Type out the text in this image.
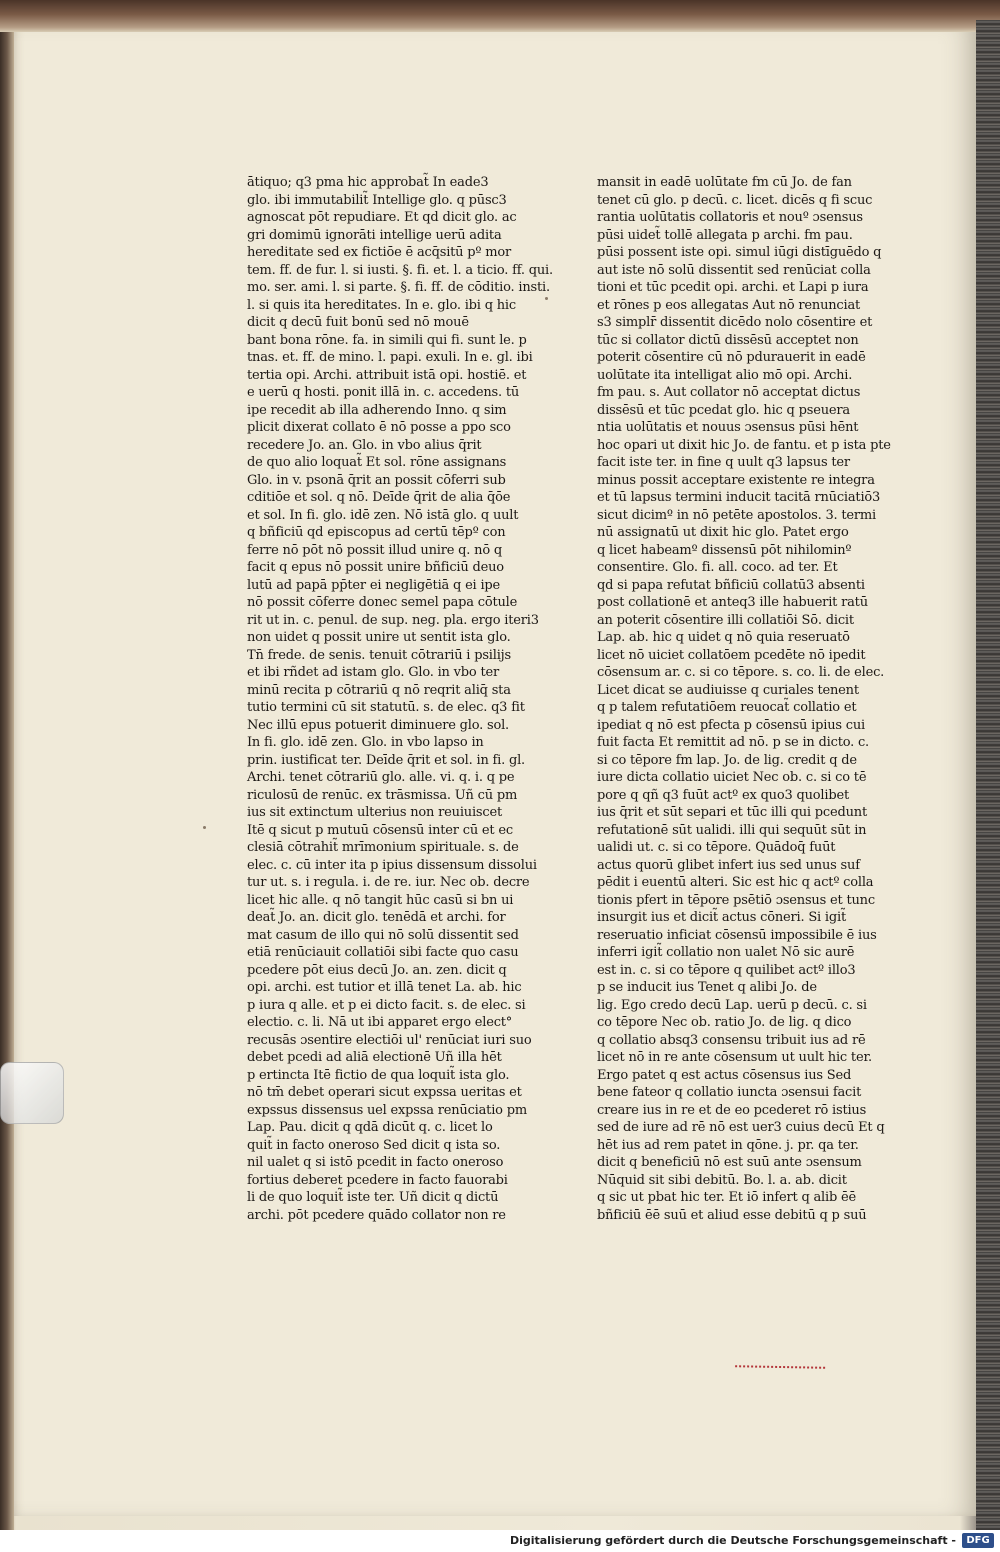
ātiquo; q3 pma hic approbat̃ In eade3
glo. ibi immutabilit̃ Intellige glo. q pūsc3
agnoscat pōt repudiare. Et qd dicit glo. ac
gri domimū ignorāti intellige uerū adita
hereditate sed ex fictiōe ē acq̄sitū pº mor
tem. ff. de fur. l. si iusti. §. fi. et. l. a ticio. ff. qui.
mo. ser. ami. l. si parte. §. fi. ff. de cōditio. insti.
l. si quis ita hereditates. In e. glo. ibi q hic
dicit q decū fuit bonū sed nō mouē
bant bona rōne. fa. in simili qui fi. sunt le. p
tnas. et. ff. de mino. l. papi. exuli. In e. gl. ibi
tertia opi. Archi. attribuit istā opi. hostiē. et
e uerū q hosti. ponit illā in. c. accedens. tū
ipe recedit ab illa adherendo Inno. q sim
plicit dixerat collato ē nō posse a ppo sco
recedere Jo. an. Glo. in vbo alius q̄rit
de quo alio loquat̃ Et sol. rōne assignans
Glo. in v. psonā q̄rit an possit cōferri sub
cditiōe et sol. q nō. Deīde q̄rit de alia q̄ōe
et sol. In fi. glo. idē zen. Nō istā glo. q uult
q bñficiū qd episcopus ad certū tēpº con
ferre nō pōt nō possit illud unire q. nō q
facit q epus nō possit unire bñficiū deuo
lutū ad papā pp̄ter ei negligētiā q ei ipe
nō possit cōferre donec semel papa cōtule
rit ut in. c. penul. de sup. neg. pla. ergo iteri3
non uidet q possit unire ut sentit ista glo.
Tn̄ frede. de senis. tenuit cōtrariū i psilijs
et ibi rñdet ad istam glo. Glo. in vbo ter
minū recita p cōtrariū q nō reqrit aliq̄ sta
tutio termini cū sit statutū. s. de elec. q3 fit
Nec illū epus potuerit diminuere glo. sol.
In fi. glo. idē zen. Glo. in vbo lapso in
prin. iustificat ter. Deīde q̄rit et sol. in fi. gl.
Archi. tenet cōtrariū glo. alle. vi. q. i. q pe
riculosū de renūc. ex trāsmissa. Uñ cū pm
ius sit extinctum ulterius non reuiuiscet
Itē q sicut p mutuū cōsensū inter cū et ec
clesiā cōtrahit̃ mrīmonium spirituale. s. de
elec. c. cū inter ita p ipius dissensum dissolui
tur ut. s. i regula. i. de re. iur. Nec ob. decre
licet hic alle. q nō tangit hūc casū si bn ui
deat̃ Jo. an. dicit glo. tenēdā et archi. for
mat casum de illo qui nō solū dissentit sed
etiā renūciauit collatiōi sibi facte quo casu
pcedere pōt eius decū Jo. an. zen. dicit q
opi. archi. est tutior et illā tenet La. ab. hic
p iura q alle. et p ei dicto facit. s. de elec. si
electio. c. li. Nā ut ibi apparet ergo elect°
recusās ɔsentire electiōi ul' renūciat iuri suo
debet pcedi ad aliā electionē Uñ illa hēt
p ertincta Itē fictio de qua loquit̃ ista glo.
nō tm̄ debet operari sicut expssa ueritas et
expssus dissensus uel expssa renūciatio pm
Lap. Pau. dicit q qdā dicūt q. c. licet lo
quit̃ in facto oneroso Sed dicit q ista so.
nil ualet q si istō pcedit in facto oneroso
fortius deberet pcedere in facto fauorabi
li de quo loquit̃ iste ter. Uñ dicit q dictū
archi. pōt pcedere quādo collator non re
mansit in eadē uolūtate fm cū Jo. de fan
tenet cū glo. p decū. c. licet. dicēs q fi scuc
rantia uolūtatis collatoris et nouº ɔsensus
pūsi uidet̃ tollē allegata p archi. fm pau.
pūsi possent iste opi. simul iūgi distīguēdo q
aut iste nō solū dissentit sed renūciat colla
tioni et tūc pcedit opi. archi. et Lapi p iura
et rōnes p eos allegatas Aut nō renunciat
s3 simplr̄ dissentit dicēdo nolo cōsentire et
tūc si collator dictū dissēsū acceptet non
poterit cōsentire cū nō pdurauerit in eadē
uolūtate ita intelligat alio mō opi. Archi.
fm pau. s. Aut collator nō acceptat dictus
dissēsū et tūc pcedat glo. hic q pseuera
ntia uolūtatis et nouus ɔsensus pūsi hēnt
hoc opari ut dixit hic Jo. de fantu. et p ista pte
facit iste ter. in fine q uult q3 lapsus ter
minus possit acceptare existente re integra
et tū lapsus termini inducit tacitā rnūciatiō3
sicut dicimº in nō petēte apostolos. 3. termi
nū assignatū ut dixit hic glo. Patet ergo
q licet habeamº dissensū pōt nihilominº
consentire. Glo. fi. all. coco. ad ter. Et
qd si papa refutat bñficiū collatū3 absenti
post collationē et anteq3 ille habuerit ratū
an poterit cōsentire illi collatiōi Sō. dicit
Lap. ab. hic q uidet q nō quia reseruatō
licet nō uiciet collatōem pcedēte nō ipedit
cōsensum ar. c. si co tēpore. s. co. li. de elec.
Licet dicat se audiuisse q curiales tenent
q p talem refutatiōem reuocat̃ collatio et
ipediat q nō est pfecta p cōsensū ipius cui
fuit facta Et remittit ad nō. p se in dicto. c.
si co tēpore fm lap. Jo. de lig. credit q de
iure dicta collatio uiciet Nec ob. c. si co tē
pore q qñ q3 fuūt actº ex quo3 quolibet
ius q̄rit et sūt separi et tūc illi qui pcedunt
refutationē sūt ualidi. illi qui sequūt sūt in
ualidi ut. c. si co tēpore. Quādoq̄ fuūt
actus quorū glibet infert ius sed unus suf
pēdit i euentū alteri. Sic est hic q actº colla
tionis pfert in tēpore psētiō ɔsensus et tunc
insurgit ius et dicit̃ actus cōneri. Si igit̃
reseruatio inficiat cōsensū impossibile ē ius
inferri igit̃ collatio non ualet Nō sic aurē
est in. c. si co tēpore q quilibet actº illo3
p se inducit ius Tenet q alibi Jo. de
lig. Ego credo decū Lap. uerū p decū. c. si
co tēpore Nec ob. ratio Jo. de lig. q dico
q collatio absq3 consensu tribuit ius ad rē
licet nō in re ante cōsensum ut uult hic ter.
Ergo patet q est actus cōsensus ius Sed
bene fateor q collatio iuncta ɔsensui facit
creare ius in re et de eo pcederet rō istius
sed de iure ad rē nō est uer3 cuius decū Et q
hēt ius ad rem patet in qōne. j. pr. qa ter.
dicit q beneficiū nō est suū ante ɔsensum
Nūquid sit sibi debitū. Bo. l. a. ab. dicit
q sic ut pbat hic ter. Et iō infert q alib ēē
bñficiū ēē suū et aliud esse debitū q p suū
Digitalisierung gefördert durch die Deutsche Forschungsgemeinschaft -	DFG
